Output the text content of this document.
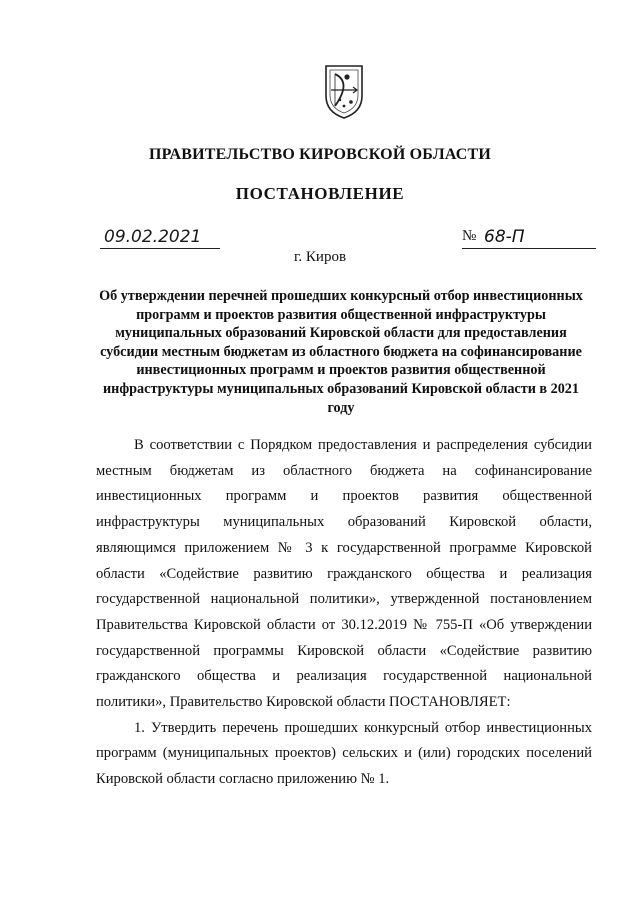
ПРАВИТЕЛЬСТВО КИРОВСКОЙ ОБЛАСТИ
ПОСТАНОВЛЕНИЕ
09.02.2021	№ 68-П
г. Киров
Об утверждении перечней прошедших конкурсный отбор инвестиционных программ и проектов развития общественной инфраструктуры муниципальных образований Кировской области для предоставления субсидии местным бюджетам из областного бюджета на софинансирование инвестиционных программ и проектов развития общественной инфраструктуры муниципальных образований Кировской области в 2021 году

В соответствии с Порядком предоставления и распределения субсидии местным бюджетам из областного бюджета на софинансирование инвестиционных программ и проектов развития общественной инфраструктуры муниципальных образований Кировской области, являющимся приложением № 3 к государственной программе Кировской области «Содействие развитию гражданского общества и реализация государственной национальной политики», утвержденной постановлением Правительства Кировской области от 30.12.2019 № 755-П «Об утверждении государственной программы Кировской области «Содействие развитию гражданского общества и реализация государственной национальной политики», Правительство Кировской области ПОСТАНОВЛЯЕТ:

1. Утвердить перечень прошедших конкурсный отбор инвестиционных программ (муниципальных проектов) сельских и (или) городских поселений Кировской области согласно приложению № 1.
